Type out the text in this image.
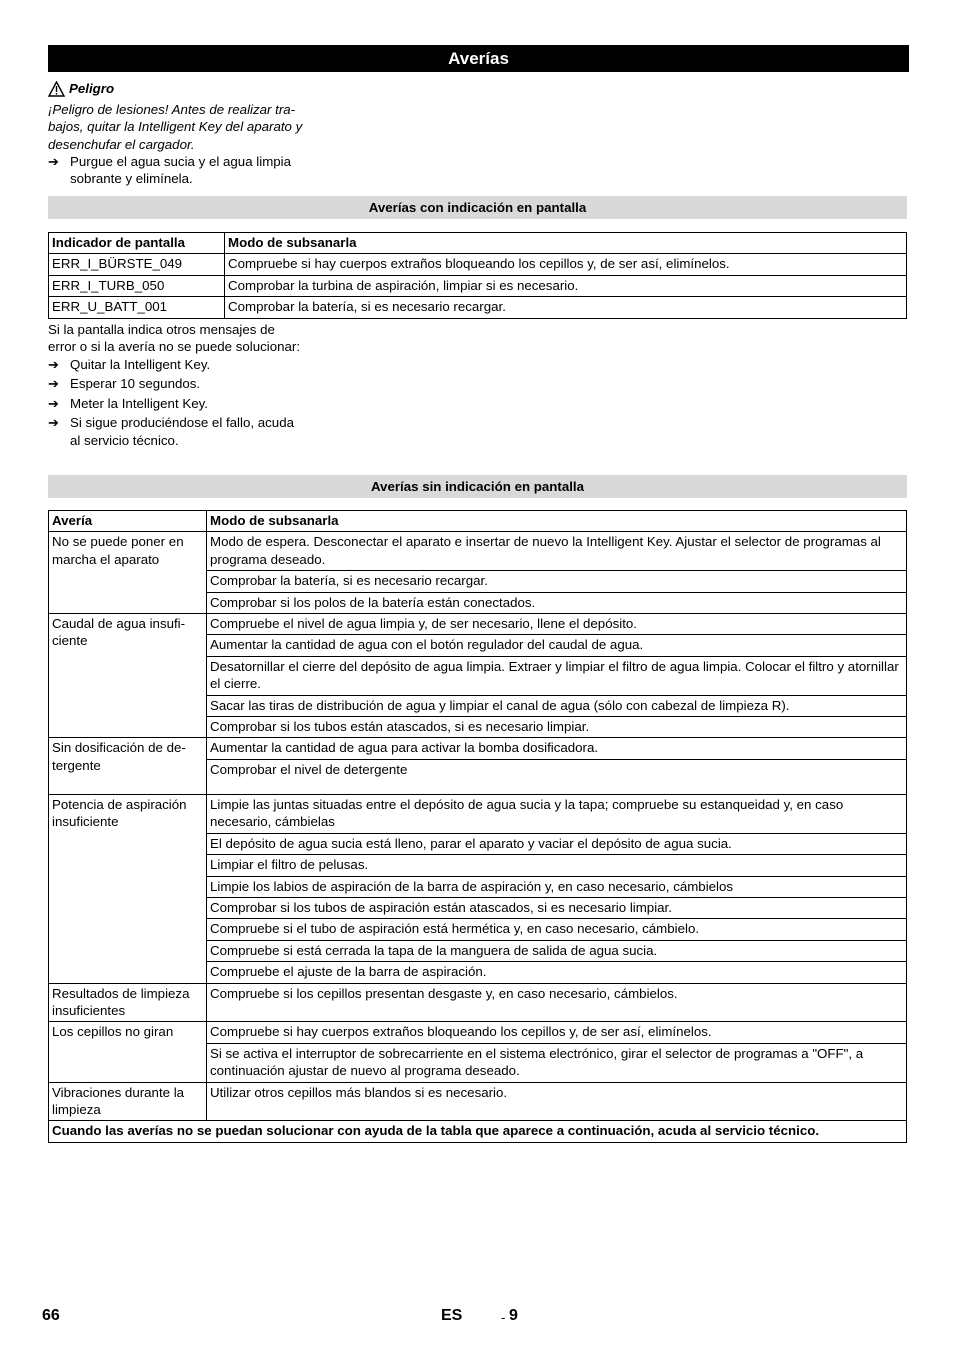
Averías
Peligro
¡Peligro de lesiones! Antes de realizar tra-
bajos, quitar la Intelligent Key del aparato y
desenchufar el cargador.
➔ Purgue el agua sucia y el agua limpia
sobrante y elimínela.
Averías con indicación en pantalla
Indicador de pantalla	Modo de subsanarla
ERR_I_BÜRSTE_049	Compruebe si hay cuerpos extraños bloqueando los cepillos y, de ser así, elimínelos.
ERR_I_TURB_050	Comprobar la turbina de aspiración, limpiar si es necesario.
ERR_U_BATT_001	Comprobar la batería, si es necesario recargar.
Si la pantalla indica otros mensajes de
error o si la avería no se puede solucionar:
➔ Quitar la Intelligent Key.
➔ Esperar 10 segundos.
➔ Meter la Intelligent Key.
➔ Si sigue produciéndose el fallo, acuda
al servicio técnico.
Averías sin indicación en pantalla
Avería	Modo de subsanarla
No se puede poner en marcha el aparato	Modo de espera. Desconectar el aparato e insertar de nuevo la Intelligent Key. Ajustar el selector de programas al programa deseado.
	Comprobar la batería, si es necesario recargar.
	Comprobar si los polos de la batería están conectados.
Caudal de agua insufi-ciente	Compruebe el nivel de agua limpia y, de ser necesario, llene el depósito.
	Aumentar la cantidad de agua con el botón regulador del caudal de agua.
	Desatornillar el cierre del depósito de agua limpia. Extraer y limpiar el filtro de agua limpia. Colocar el filtro y atornillar el cierre.
	Sacar las tiras de distribución de agua y limpiar el canal de agua (sólo con cabezal de limpieza R).
	Comprobar si los tubos están atascados, si es necesario limpiar.
Sin dosificación de de-tergente	Aumentar la cantidad de agua para activar la bomba dosificadora.
	Comprobar el nivel de detergente
Potencia de aspiración insuficiente	Limpie las juntas situadas entre el depósito de agua sucia y la tapa; compruebe su estanqueidad y, en caso necesario, cámbielas
	El depósito de agua sucia está lleno, parar el aparato y vaciar el depósito de agua sucia.
	Limpiar el filtro de pelusas.
	Limpie los labios de aspiración de la barra de aspiración y, en caso necesario, cámbielos
	Comprobar si los tubos de aspiración están atascados, si es necesario limpiar.
	Compruebe si el tubo de aspiración está hermética y, en caso necesario, cámbielo.
	Compruebe si está cerrada la tapa de la manguera de salida de agua sucia.
	Compruebe el ajuste de la barra de aspiración.
Resultados de limpieza insuficientes	Compruebe si los cepillos presentan desgaste y, en caso necesario, cámbielos.
Los cepillos no giran	Compruebe si hay cuerpos extraños bloqueando los cepillos y, de ser así, elimínelos.
	Si se activa el interruptor de sobrecarriente en el sistema electrónico, girar el selector de programas a "OFF", a continuación ajustar de nuevo al programa deseado.
Vibraciones durante la limpieza	Utilizar otros cepillos más blandos si es necesario.
Cuando las averías no se puedan solucionar con ayuda de la tabla que aparece a continuación, acuda al servicio técnico.	
66	ES	- 9
